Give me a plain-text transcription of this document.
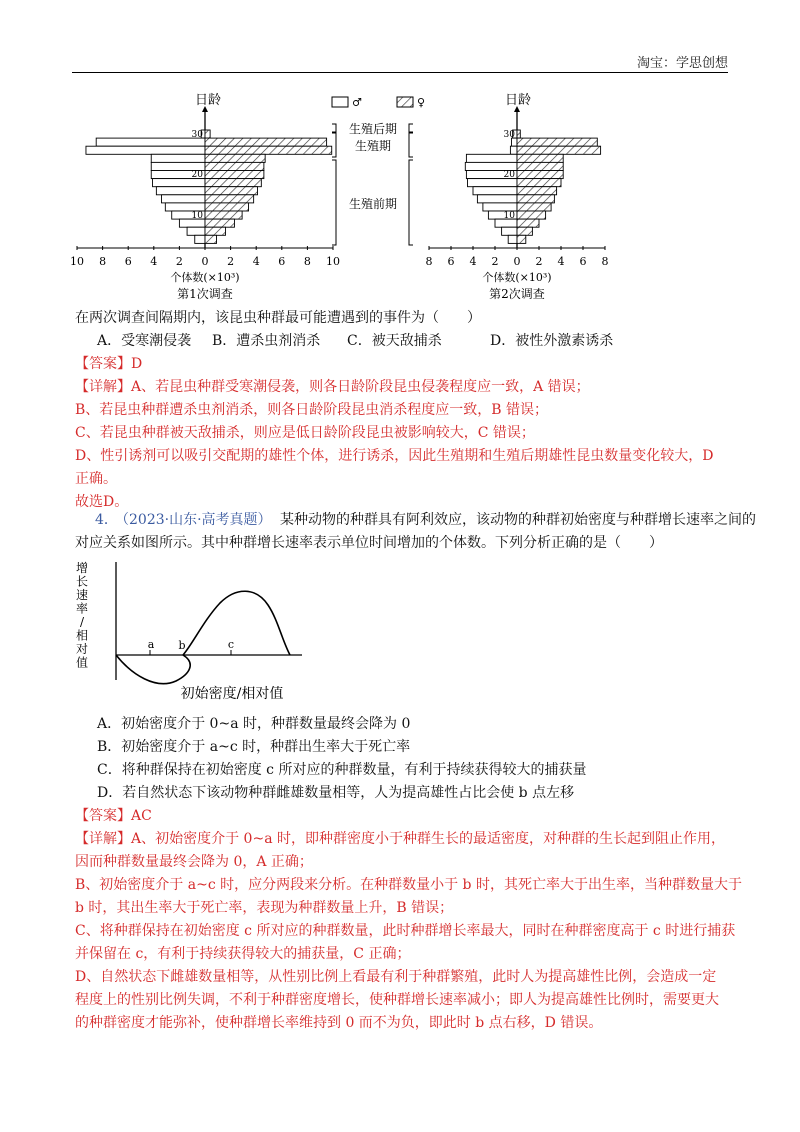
淘宝：学思创想
30
20
10
10 8 6 4 2 0 2 4 6 8 10
30
20
10
8 6 4 2 0 2 4 6 8
♂	♀
生殖后期
生殖期
生殖前期
日龄	日龄
个体数(×10³)	个体数(×10³)
第1次调查	第2次调查
在两次调查间隔期内，该昆虫种群最可能遭遇到的事件为（　　）
A．受寒潮侵袭 B．遭杀虫剂消杀 C．被天敌捕杀	D．被性外激素诱杀
【答案】D
【详解】A、若昆虫种群受寒潮侵袭，则各日龄阶段昆虫侵袭程度应一致，A 错误；
B、若昆虫种群遭杀虫剂消杀，则各日龄阶段昆虫消杀程度应一致，B 错误；
C、若昆虫种群被天敌捕杀，则应是低日龄阶段昆虫被影响较大，C 错误；
D、性引诱剂可以吸引交配期的雄性个体，进行诱杀，因此生殖期和生殖后期雄性昆虫数量变化较大，D
正确。
故选D。
4．
（2023·山东·高考真题） 某种动物的种群具有阿利效应，该动物的种群初始密度与种群增长速率之间的
对应关系如图所示。其中种群增长速率表示单位时间增加的个体数。下列分析正确的是（　　）
增
长
速
率
/
相
对
值
a b	c
初始密度/相对值
A．初始密度介于 0~a 时，种群数量最终会降为 0
B．初始密度介于 a~c 时，种群出生率大于死亡率
C．将种群保持在初始密度 c 所对应的种群数量，有利于持续获得较大的捕获量
D．若自然状态下该动物种群雌雄数量相等，人为提高雄性占比会使 b 点左移
【答案】AC
【详解】A、初始密度介于 0~a 时，即种群密度小于种群生长的最适密度，对种群的生长起到阻止作用，
因而种群数量最终会降为 0，A 正确；
B、初始密度介于 a~c 时，应分两段来分析。在种群数量小于 b 时，其死亡率大于出生率，当种群数量大于
b 时，其出生率大于死亡率，表现为种群数量上升，B 错误；
C、将种群保持在初始密度 c 所对应的种群数量，此时种群增长率最大，同时在种群密度高于 c 时进行捕获
并保留在 c，有利于持续获得较大的捕获量，C 正确；
D、自然状态下雌雄数量相等，从性别比例上看最有利于种群繁殖，此时人为提高雄性比例，会造成一定
程度上的性别比例失调，不利于种群密度增长，使种群增长速率减小；即人为提高雄性比例时，需要更大
的种群密度才能弥补，使种群增长率维持到 0 而不为负，即此时 b 点右移，D 错误。
